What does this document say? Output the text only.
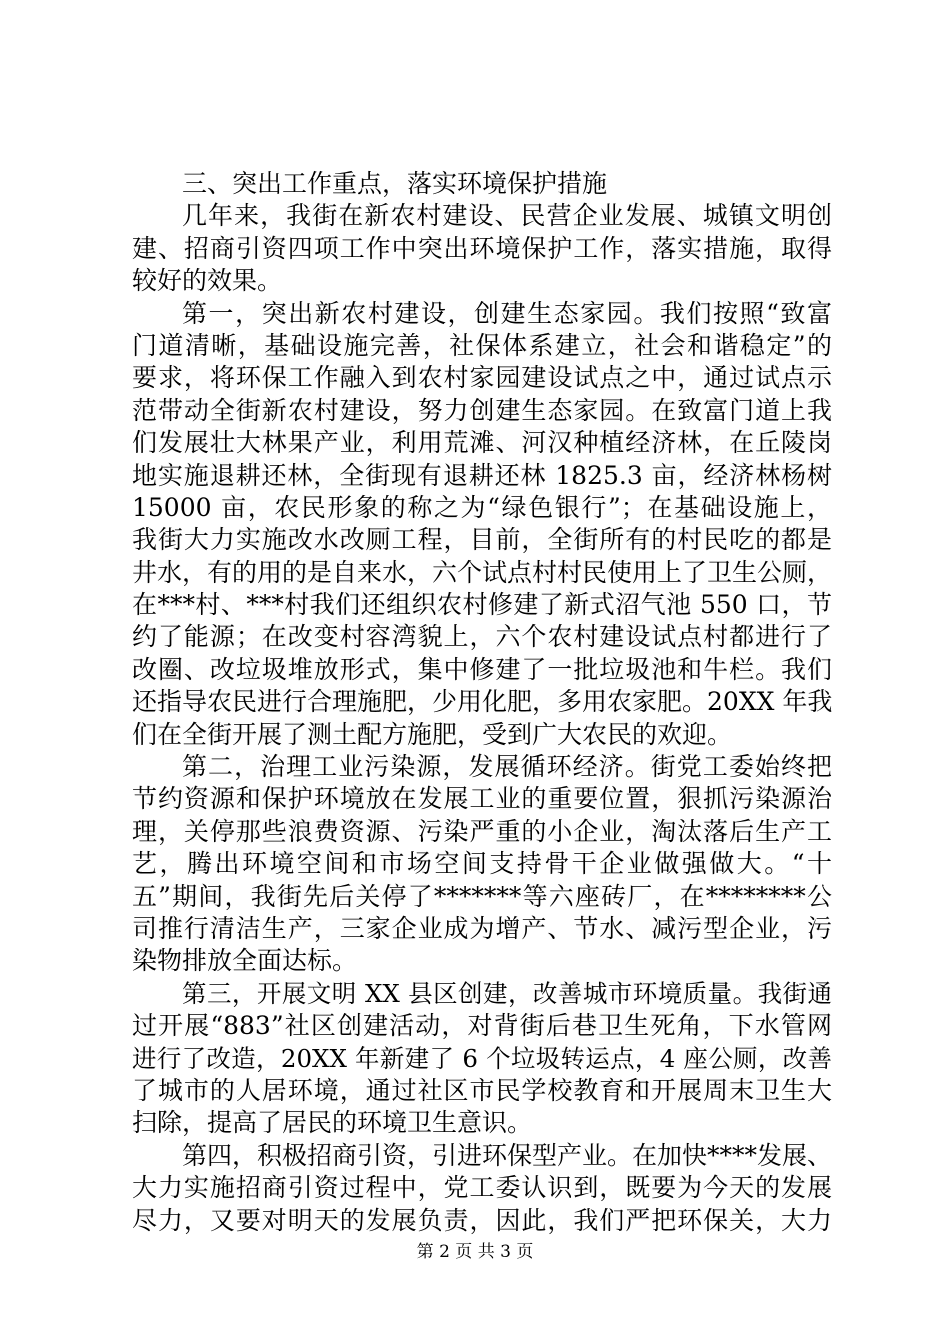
三、突出工作重点，落实环境保护措施
几年来，我街在新农村建设、民营企业发展、城镇文明创
建、招商引资四项工作中突出环境保护工作，落实措施，取得
较好的效果。
第一，突出新农村建设，创建生态家园。我们按照“致富
门道清晰，基础设施完善，社保体系建立，社会和谐稳定”的
要求，将环保工作融入到农村家园建设试点之中，通过试点示
范带动全街新农村建设，努力创建生态家园。在致富门道上我
们发展壮大林果产业，利用荒滩、河汉种植经济林，在丘陵岗
地实施退耕还林，全街现有退耕还林 1825.3 亩，经济林杨树
15000 亩，农民形象的称之为“绿色银行”；在基础设施上，
我街大力实施改水改厕工程，目前，全街所有的村民吃的都是
井水，有的用的是自来水，六个试点村村民使用上了卫生公厕，
在***村、***村我们还组织农村修建了新式沼气池 550 口，节
约了能源；在改变村容湾貌上，六个农村建设试点村都进行了
改圈、改垃圾堆放形式，集中修建了一批垃圾池和牛栏。我们
还指导农民进行合理施肥，少用化肥，多用农家肥。20XX 年我
们在全街开展了测土配方施肥，受到广大农民的欢迎。
第二，治理工业污染源，发展循环经济。街党工委始终把
节约资源和保护环境放在发展工业的重要位置，狠抓污染源治
理，关停那些浪费资源、污染严重的小企业，淘汰落后生产工
艺，腾出环境空间和市场空间支持骨干企业做强做大。“十
五”期间，我街先后关停了*******等六座砖厂，在********公
司推行清洁生产，三家企业成为增产、节水、减污型企业，污
染物排放全面达标。
第三，开展文明 XX 县区创建，改善城市环境质量。我街通
过开展“883”社区创建活动，对背街后巷卫生死角，下水管网
进行了改造，20XX 年新建了 6 个垃圾转运点，4 座公厕，改善
了城市的人居环境，通过社区市民学校教育和开展周末卫生大
扫除，提高了居民的环境卫生意识。
第四，积极招商引资，引进环保型产业。在加快****发展、
大力实施招商引资过程中，党工委认识到，既要为今天的发展
尽力，又要对明天的发展负责，因此，我们严把环保关，大力
第 2 页 共 3 页
